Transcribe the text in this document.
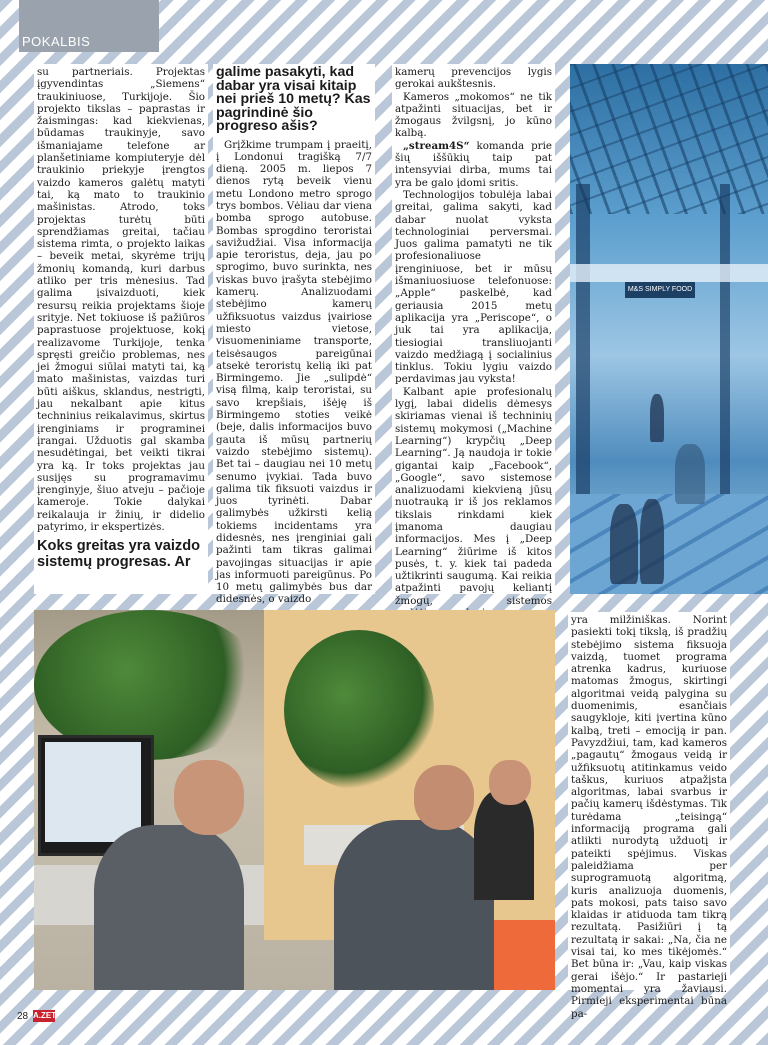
POKALBIS

su partneriais. Projektas įgyvendintas „Siemens“ traukiniuose, Turkijoje. Šio projekto tikslas – paprastas ir žaismingas: kad kiekvienas, būdamas traukinyje, savo išmaniajame telefone ar planšetiniame kompiuteryje dėl traukinio priekyje įrengtos vaizdo kameros galėtų matyti tai, ką mato to traukinio mašinistas. Atrodo, toks projektas turėtų būti sprendžiamas greitai, tačiau sistema rimta, o projekto laikas – beveik metai, skyrėme trijų žmonių komandą, kuri darbus atliko per tris mėnesius. Tad galima įsivaizduoti, kiek resursų reikia projektams šioje srityje. Net tokiuose iš pažiūros paprastuose projektuose, kokį realizavome Turkijoje, tenka spręsti greičio problemas, nes jei žmogui siūlai matyti tai, ką mato mašinistas, vaizdas turi būti aiškus, sklandus, nestrigti, jau nekalbant apie kitus techninius reikalavimus, skirtus įrenginiams ir programinei įrangai. Užduotis gal skamba nesudėtingai, bet veikti tikrai yra ką. Ir toks projektas jau susijęs su programavimu įrenginyje, šiuo atveju – pačioje kameroje. Tokie dalykai reikalauja ir žinių, ir didelio patyrimo, ir ekspertizės.

Koks greitas yra vaizdo sistemų progresas. Ar

galime pasakyti, kad dabar yra visai kitaip nei prieš 10 metų? Kas pagrindinė šio progreso ašis?

Grįžkime trumpam į praeitį, į Londonui tragišką 7/7 dieną. 2005 m. liepos 7 dienos rytą beveik vienu metu Londono metro sprogo trys bombos. Vėliau dar viena bomba sprogo autobuse. Bombas sprogdino teroristai savižudžiai. Visa informacija apie teroristus, deja, jau po sprogimo, buvo surinkta, nes viskas buvo įrašyta stebėjimo kamerų. Analizuodami stebėjimo kamerų užfiksuotus vaizdus įvairiose miesto vietose, visuomeniniame transporte, teisėsaugos pareigūnai atsekė teroristų kelią iki pat Birmingemo. Jie „sulipdė“ visą filmą, kaip teroristai, su savo krepšiais, išėję iš Birmingemo stoties veikė (beje, dalis informacijos buvo gauta iš mūsų partnerių vaizdo stebėjimo sistemų). Bet tai – daugiau nei 10 metų senumo įvykiai. Tada buvo galima tik fiksuoti vaizdus ir juos tyrinėti. Dabar galimybės užkirsti kelią tokiems incidentams yra didesnės, nes įrenginiai gali pažinti tam tikras galimai pavojingas situacijas ir apie jas informuoti pareigūnus. Po 10 metų galimybės bus dar didesnės, o vaizdo

kamerų prevencijos lygis gerokai aukštesnis.

Kameros „mokomos“ ne tik atpažinti situacijas, bet ir žmogaus žvilgsnį, jo kūno kalbą.

„stream4S“ komanda prie šių iššūkių taip pat intensyviai dirba, mums tai yra be galo įdomi sritis.

Technologijos tobulėja labai greitai, galima sakyti, kad dabar nuolat vyksta technologiniai perversmai. Juos galima pamatyti ne tik profesionaliuose įrenginiuose, bet ir mūsų išmaniuosiuose telefonuose: „Apple“ paskelbė, kad geriausia 2015 metų aplikacija yra „Periscope“, o juk tai yra aplikacija, tiesiogiai transliuojanti vaizdo medžiagą į socialinius tinklus. Tokiu lygiu vaizdo perdavimas jau vyksta!

Kalbant apie profesionalų lygį, labai didelis dėmesys skiriamas vienai iš techninių sistemų mokymosi („Machine Learning“) krypčių „Deep Learning“. Ją naudoja ir tokie gigantai kaip „Facebook“, „Google“, savo sistemose analizuodami kiekvieną jūsų nuotrauką ir iš jos reklamos tikslais rinkdami kiek įmanoma daugiau informacijos. Mes į „Deep Learning“ žiūrime iš kitos pusės, t. y. kiek tai padeda užtikrinti saugumą. Kai reikia atpažinti pavojų keliantį žmogų, sistemos

M&S SIMPLY FOOD

yra milžiniškas. Norint pasiekti tokį tikslą, iš pradžių stebėjimo sistema fiksuoja vaizdą, tuomet programa atrenka kadrus, kuriuose matomas žmogus, skirtingi algoritmai veidą palygina su duomenimis, esančiais saugykloje, kiti įvertina kūno kalbą, treti – emociją ir pan. Pavyzdžiui, tam, kad kameros „pagautų“ žmogaus veidą ir užfiksuotų atitinkamus veido taškus, kuriuos atpažįsta algoritmas, labai svarbus ir pačių kamerų išdėstymas. Tik turėdama „teisingą“ informaciją programa gali atlikti nurodytą užduotį ir pateikti spėjimus. Viskas paleidžiama per suprogramuotą algoritmą, kuris analizuoja duomenis, pats mokosi, pats taiso savo klaidas ir atiduoda tam tikrą rezultatą. Pasižiūri į tą rezultatą ir sakai: „Na, čia ne visai tai, ko mes tikėjomės.“ Bet būna ir: „Vau, kaip viskas gerai išėjo.“ Ir pastarieji momentai yra žaviausi. Pirmieji eksperimentai būna pa-

28 A.ZET
